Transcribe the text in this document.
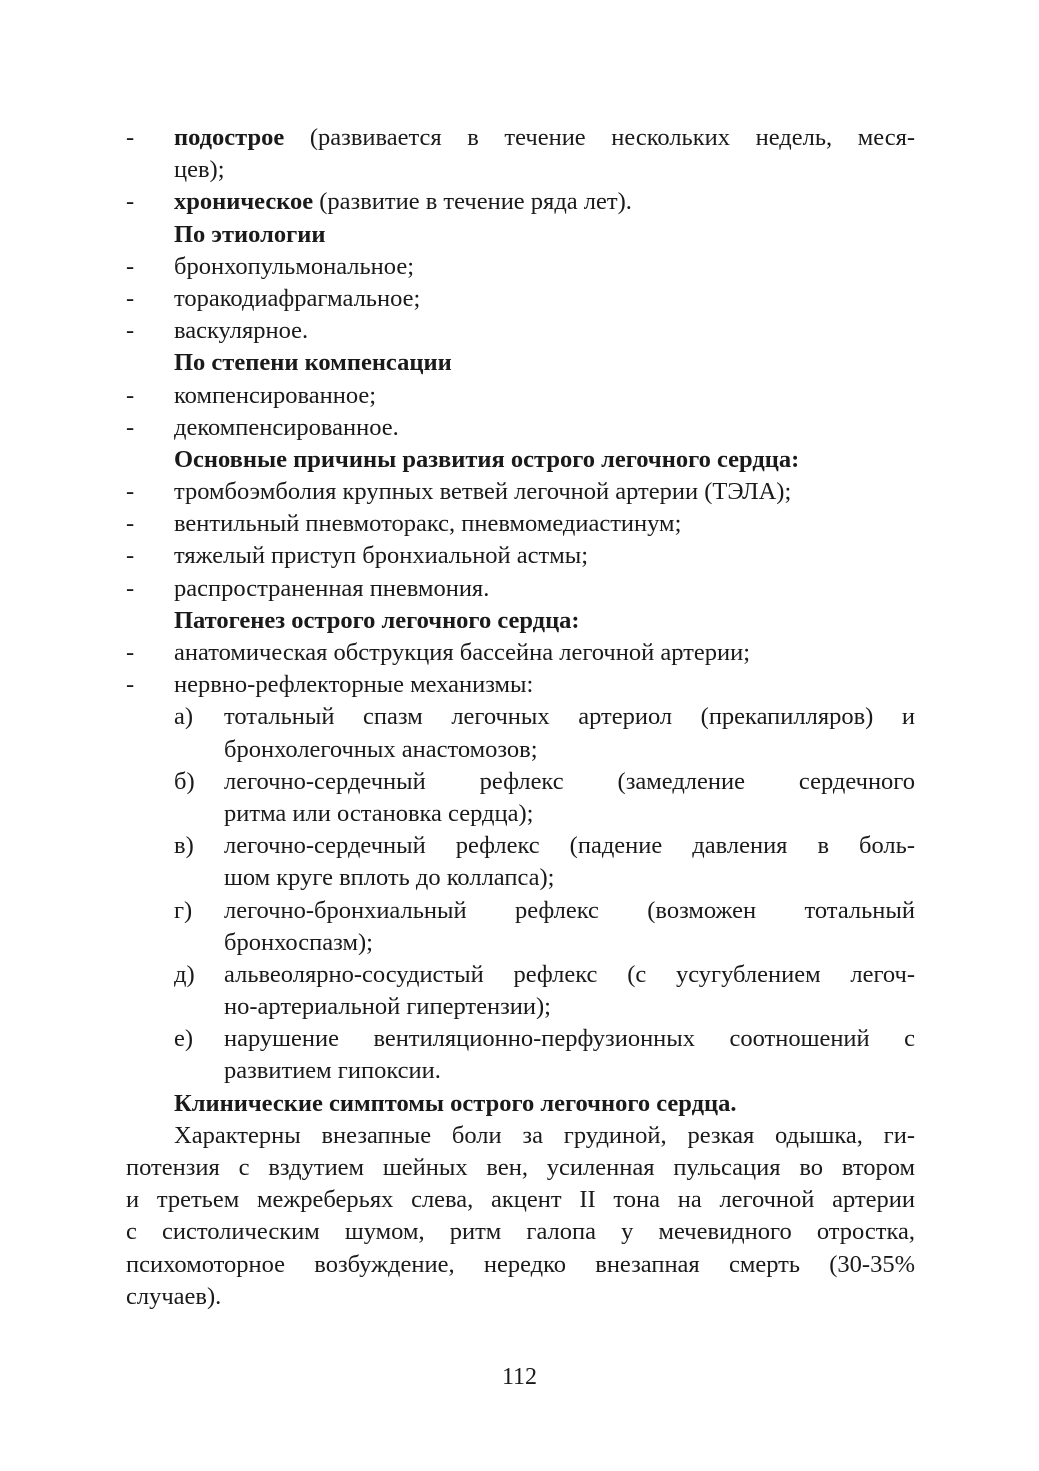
-	подострое (развивается в течение нескольких недель, меся-
цев);
-	хроническое (развитие в течение ряда лет).
По этиологии
-	бронхопульмональное;
-	торакодиафрагмальное;
-	васкулярное.
По степени компенсации
-	компенсированное;
-	декомпенсированное.
Основные причины развития острого легочного сердца:
-	тромбоэмболия крупных ветвей легочной артерии (ТЭЛА);
-	вентильный пневмоторакс, пневмомедиастинум;
-	тяжелый приступ бронхиальной астмы;
-	распространенная пневмония.
Патогенез острого легочного сердца:
-	анатомическая обструкция бассейна легочной артерии;
-	нервно-рефлекторные механизмы:
а)	тотальный спазм легочных артериол (прекапилляров) и
бронхолегочных анастомозов;
б)	легочно-сердечный рефлекс (замедление сердечного
ритма или остановка сердца);
в)	легочно-сердечный рефлекс (падение давления в боль-
шом круге вплоть до коллапса);
г)	легочно-бронхиальный рефлекс (возможен тотальный
бронхоспазм);
д)	альвеолярно-сосудистый рефлекс (с усугублением легоч-
но-артериальной гипертензии);
е)	нарушение вентиляционно-перфузионных соотношений с
развитием гипоксии.
Клинические симптомы острого легочного сердца.
Характерны внезапные боли за грудиной, резкая одышка, ги-
потензия с вздутием шейных вен, усиленная пульсация во втором
и третьем межреберьях слева, акцент II тона на легочной артерии
с систолическим шумом, ритм галопа у мечевидного отростка,
психомоторное возбуждение, нередко внезапная смерть (30-35%
случаев).
112
